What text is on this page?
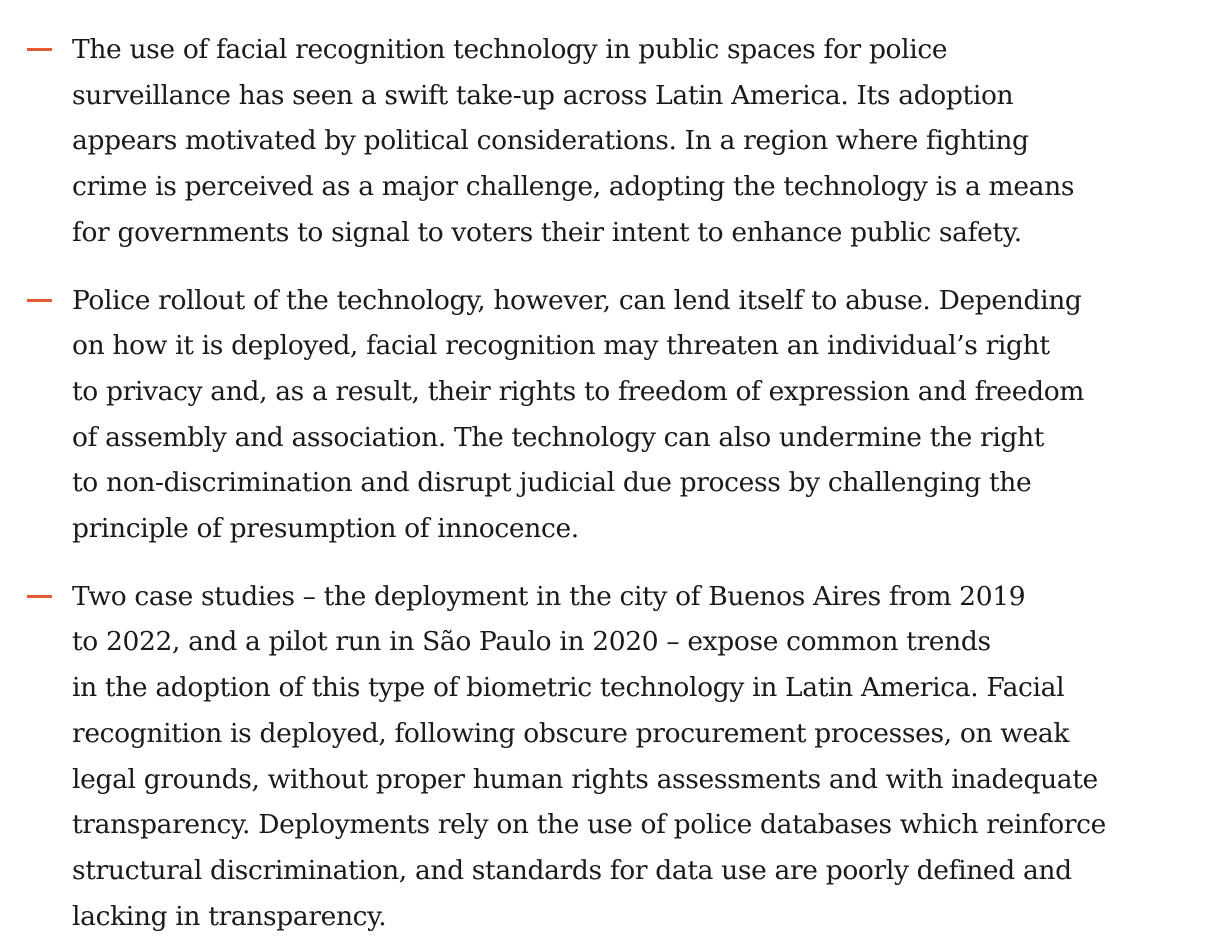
The use of facial recognition technology in public spaces for police
surveillance has seen a swift take-up across Latin America. Its adoption
appears motivated by political considerations. In a region where fighting
crime is perceived as a major challenge, adopting the technology is a means
for governments to signal to voters their intent to enhance public safety.
Police rollout of the technology, however, can lend itself to abuse. Depending
on how it is deployed, facial recognition may threaten an individual’s right
to privacy and, as a result, their rights to freedom of expression and freedom
of assembly and association. The technology can also undermine the right
to non-discrimination and disrupt judicial due process by challenging the
principle of presumption of innocence.
Two case studies – the deployment in the city of Buenos Aires from 2019
to 2022, and a pilot run in São Paulo in 2020 – expose common trends
in the adoption of this type of biometric technology in Latin America. Facial
recognition is deployed, following obscure procurement processes, on weak
legal grounds, without proper human rights assessments and with inadequate
transparency. Deployments rely on the use of police databases which reinforce
structural discrimination, and standards for data use are poorly defined and
lacking in transparency.
